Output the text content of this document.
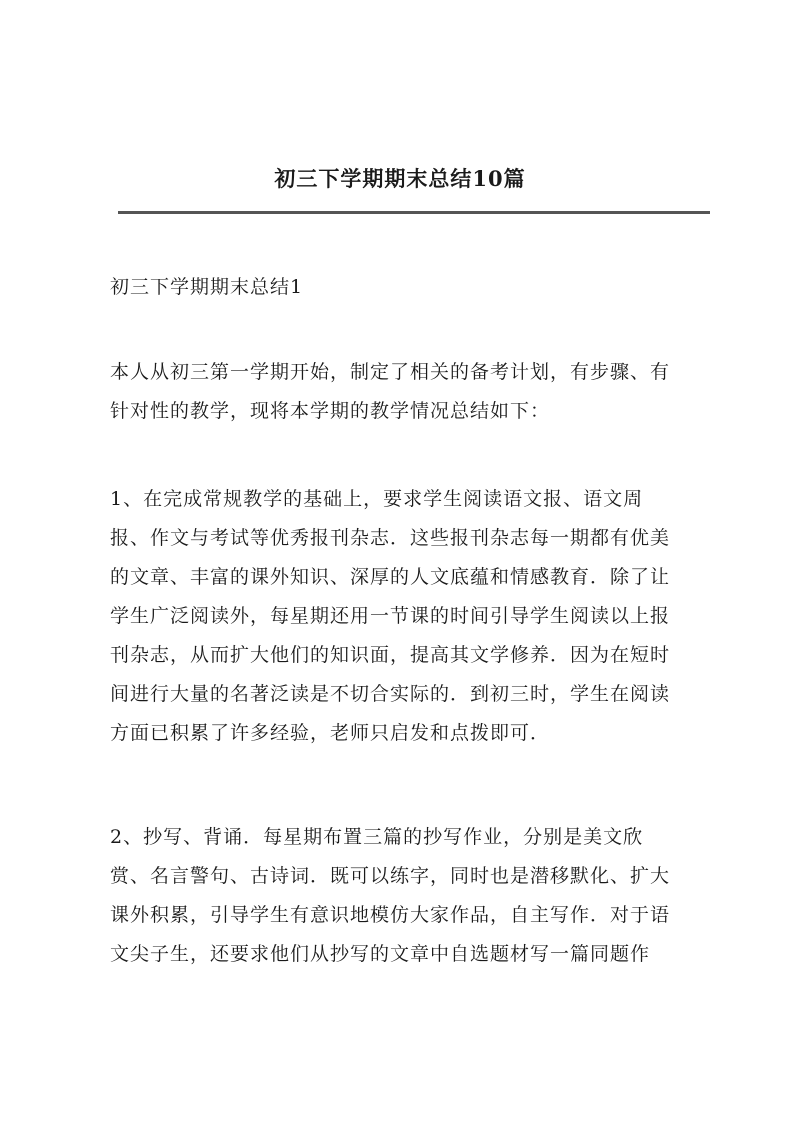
初三下学期期末总结10篇
初三下学期期末总结1
本人从初三第一学期开始，制定了相关的备考计划，有步骤、有
针对性的教学，现将本学期的教学情况总结如下：
1、在完成常规教学的基础上，要求学生阅读语文报、语文周
报、作文与考试等优秀报刊杂志．这些报刊杂志每一期都有优美
的文章、丰富的课外知识、深厚的人文底蕴和情感教育．除了让
学生广泛阅读外，每星期还用一节课的时间引导学生阅读以上报
刊杂志，从而扩大他们的知识面，提高其文学修养．因为在短时
间进行大量的名著泛读是不切合实际的．到初三时，学生在阅读
方面已积累了许多经验，老师只启发和点拨即可．
2、抄写、背诵．每星期布置三篇的抄写作业，分别是美文欣
赏、名言警句、古诗词．既可以练字，同时也是潜移默化、扩大
课外积累，引导学生有意识地模仿大家作品，自主写作．对于语
文尖子生，还要求他们从抄写的文章中自选题材写一篇同题作
